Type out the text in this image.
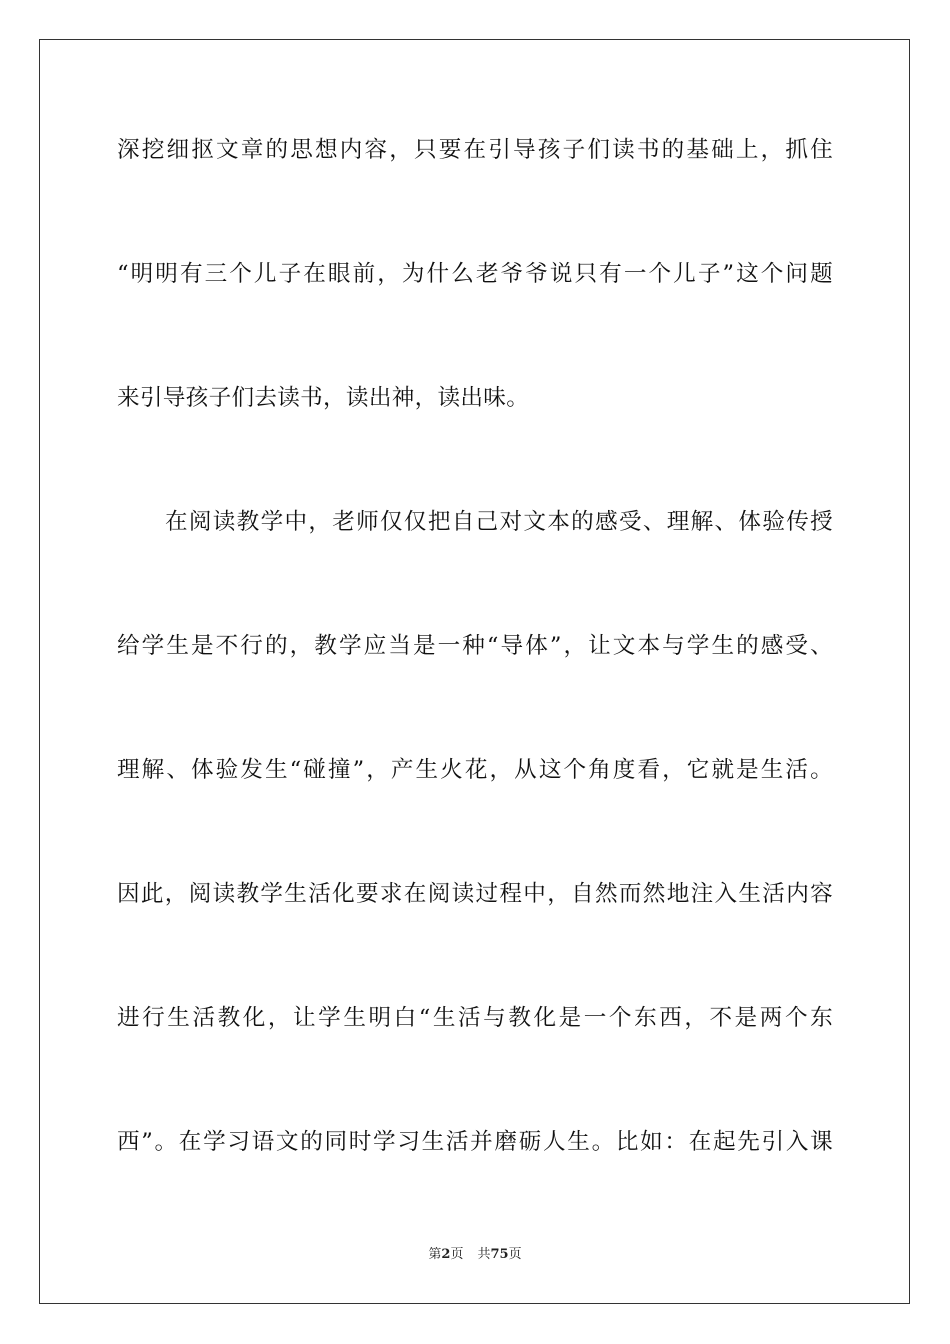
深挖细抠文章的思想内容，只要在引导孩子们读书的基础上，抓住
“明明有三个儿子在眼前，为什么老爷爷说只有一个儿子”这个问题
来引导孩子们去读书，读出神，读出味。
在阅读教学中，老师仅仅把自己对文本的感受、理解、体验传授
给学生是不行的，教学应当是一种“导体”，让文本与学生的感受、
理解、体验发生“碰撞”，产生火花，从这个角度看，它就是生活。
因此，阅读教学生活化要求在阅读过程中，自然而然地注入生活内容
进行生活教化，让学生明白“生活与教化是一个东西，不是两个东
西”。在学习语文的同时学习生活并磨砺人生。比如：在起先引入课
第2页 共75页
